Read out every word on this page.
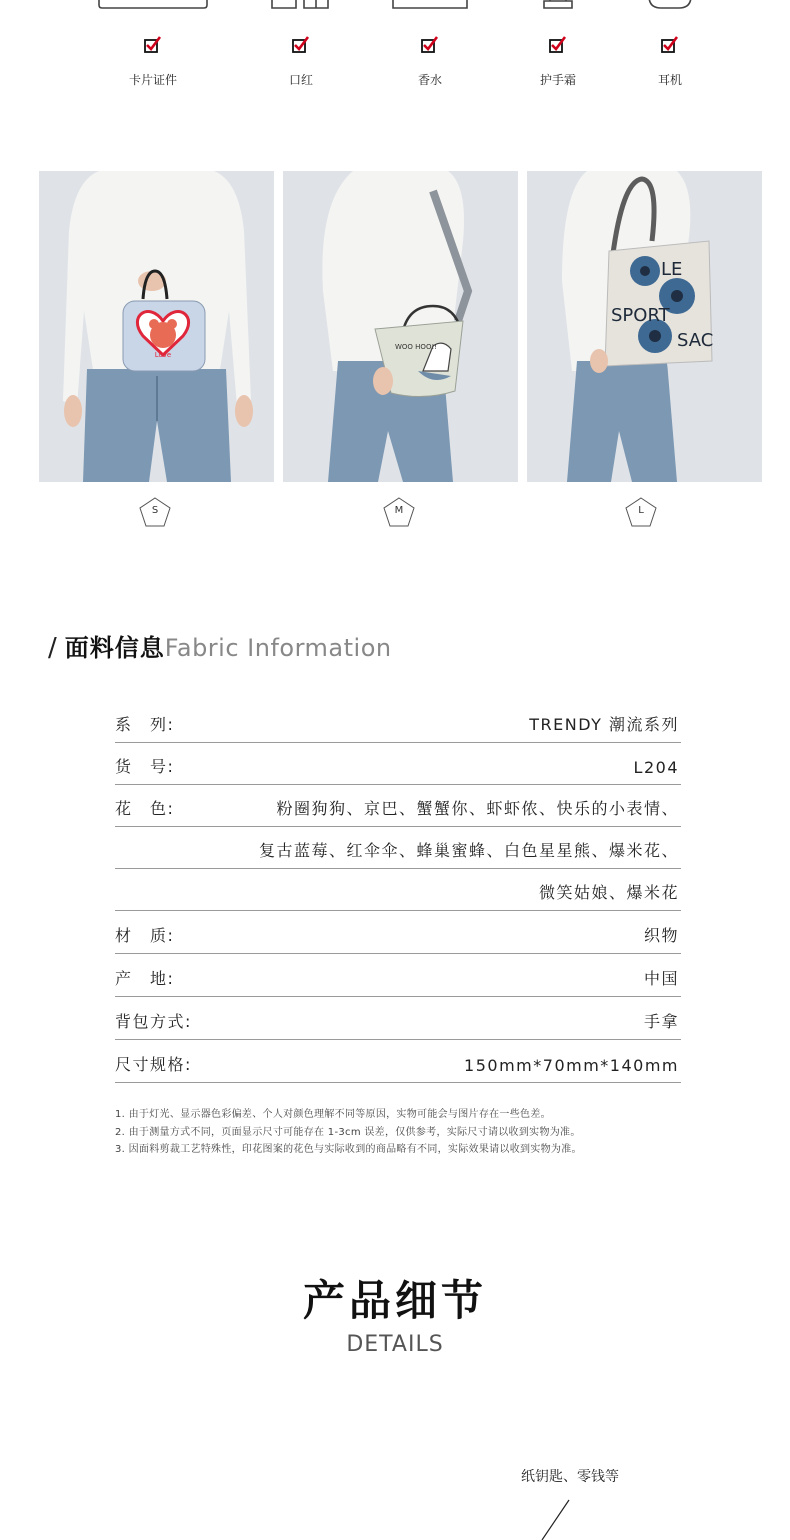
卡片证件	口红	香水	护手霜	耳机
Love
S
WOO HOO!!
M
LE
SPORT
SAC
L
/ 面料信息Fabric Information
系　列:	TRENDY 潮流系列
货　号:	L204
花　色:	粉圈狗狗、京巴、蟹蟹你、虾虾侬、快乐的小表情、
复古蓝莓、红伞伞、蜂巢蜜蜂、白色星星熊、爆米花、
微笑姑娘、爆米花
材　质:	织物
产　地:	中国
背包方式:	手拿
尺寸规格:	150mm*70mm*140mm
1. 由于灯光、显示器色彩偏差、个人对颜色理解不同等原因，实物可能会与图片存在一些色差。
2. 由于测量方式不同，页面显示尺寸可能存在 1-3cm 误差，仅供参考，实际尺寸请以收到实物为准。
3. 因面料剪裁工艺特殊性，印花图案的花色与实际收到的商品略有不同，实际效果请以收到实物为准。
产品细节
DETAILS
纸钥匙、零钱等
